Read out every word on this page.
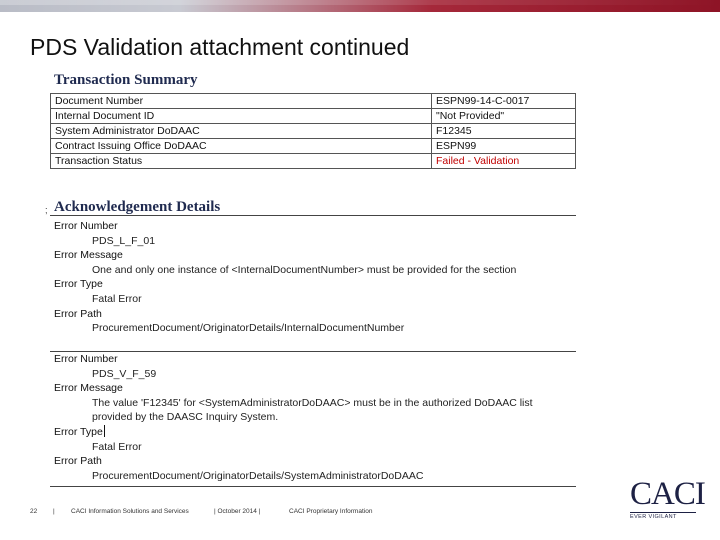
PDS Validation attachment continued
Transaction Summary
Document Number	ESPN99-14-C-0017
Internal Document ID	"Not Provided"
System Administrator DoDAAC	F12345
Contract Issuing Office DoDAAC	ESPN99
Transaction Status	Failed - Validation
; Acknowledgement Details
Error Number
PDS_L_F_01
Error Message
One and only one instance of <InternalDocumentNumber> must be provided for the section
Error Type
Fatal Error
Error Path
ProcurementDocument/OriginatorDetails/InternalDocumentNumber
Error Number
PDS_V_F_59
Error Message
The value 'F12345' for <SystemAdministratorDoDAAC> must be in the authorized DoDAAC list provided by the DAASC Inquiry System.
Error Type
Fatal Error
Error Path
ProcurementDocument/OriginatorDetails/SystemAdministratorDoDAAC
22 |	CACI Information Solutions and Services	| October 2014 |	CACI Proprietary Information	CACI
EVER VIGILANT
